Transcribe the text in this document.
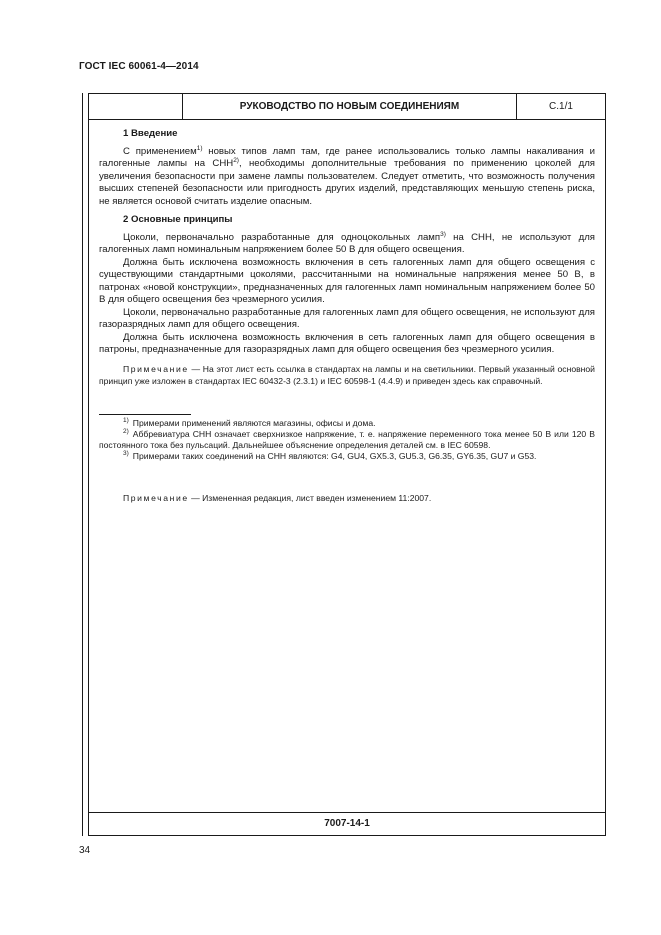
ГОСТ IEC 60061-4—2014
РУКОВОДСТВО ПО НОВЫМ СОЕДИНЕНИЯМ	С.1/1
1 Введение

С применением$^{1)}$ новых типов ламп там, где ранее использовались только лампы накаливания и галогенные лампы на СНН$^{2)}$, необходимы дополнительные требования по применению цоколей для увеличения безопасности при замене лампы пользователем. Следует отметить, что возможность получения высших степеней безопасности или пригодность других изделий, представляющих меньшую степень риска, не является основой считать изделие опасным.

2 Основные принципы

Цоколи, первоначально разработанные для одноцокольных ламп$^{3)}$ на СНН, не используют для галогенных ламп номинальным напряжением более 50 В для общего освещения.

Должна быть исключена возможность включения в сеть галогенных ламп для общего освещения с существующими стандартными цоколями, рассчитанными на номинальные напряжения менее 50 В, в патронах «новой конструкции», предназначенных для галогенных ламп номинальным напряжением более 50 В для общего освещения без чрезмерного усилия.

Цоколи, первоначально разработанные для галогенных ламп для общего освещения, не используют для газоразрядных ламп для общего освещения.

Должна быть исключена возможность включения в сеть галогенных ламп для общего освещения в патроны, предназначенные для газоразрядных ламп для общего освещения без чрезмерного усилия.

Примечание — На этот лист есть ссылка в стандартах на лампы и на светильники. Первый указанный основной принцип уже изложен в стандартах IEC 60432-3 (2.3.1) и IEC 60598-1 (4.4.9) и приведен здесь как справочный.

$^{1)}$ Примерами применений являются магазины, офисы и дома.

$^{2)}$ Аббревиатура СНН означает сверхнизкое напряжение, т. е. напряжение переменного тока менее 50 В или 120 В постоянного тока без пульсаций. Дальнейшее объяснение определения деталей см. в IEC 60598.

$^{3)}$ Примерами таких соединений на СНН являются: G4, GU4, GX5.3, GU5.3, G6.35, GY6.35, GU7 и G53.

Примечание — Измененная редакция, лист введен изменением 11:2007.

7007-14-1
34
